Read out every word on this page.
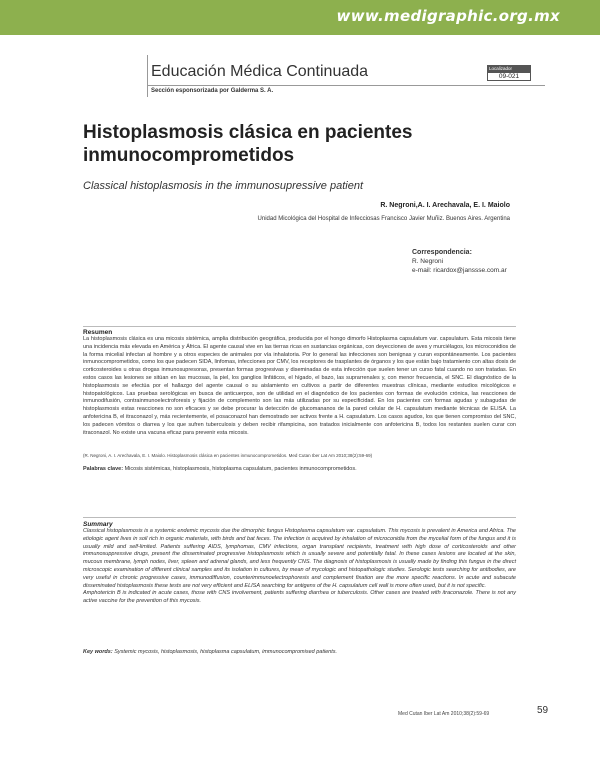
www.medigraphic.org.mx
Educación Médica Continuada
Sección esponsorizada por Galderma S. A.
Localizador
09-021
Histoplasmosis clásica en pacientes inmunocomprometidos
Classical histoplasmosis in the immunosupressive patient
R. Negroni,A. I. Arechavala, E. I. Maiolo
Unidad Micológica del Hospital de Infecciosas Francisco Javier Muñiz. Buenos Aires. Argentina
Correspondencia:
R. Negroni
e-mail: ricardox@janssse.com.ar
Resumen

La histoplasmosis clásica es una micosis sistémica, amplia distribución geográfica, producida por el hongo dimorfo Histoplasma capsulatum var. capsulatum. Esta micosis tiene una incidencia más elevada en América y África. El agente causal vive en las tierras ricas en sustancias orgánicas, con deyecciones de aves y murciélagos, los microconidios de la forma micelial infectan al hombre y a otros especies de animales por vía inhalatoria. Por lo general las infecciones son benignas y curan espontáneamente. Los pacientes inmunocomprometidos, como los que padecen SIDA, linfomas, infecciones por CMV, los receptores de trasplantes de órganos y los que están bajo tratamiento con altas dosis de corticosteroides u otras drogas inmunosupresoras, presentan formas progresivas y diseminadas de esta infección que suelen tener un curso fatal cuando no son tratadas. En estos casos las lesiones se sitúan en las mucosas, la piel, los ganglios linfáticos, el hígado, el bazo, las suprarrenales y, con menor frecuencia, el SNC. El diagnóstico de la histoplasmosis se efectúa por el hallazgo del agente causal o su aislamiento en cultivos a partir de diferentes muestras clínicas, mediante estudios micológicos e histopatológicos. Las pruebas serológicas en busca de anticuerpos, son de utilidad en el diagnóstico de los pacientes con formas de evolución crónica, las reacciones de inmunodifusión, contrainmunoelectroforesis y fijación de complemento son las más utilizadas por su especificidad. En los pacientes con formas agudas y subagudas de histoplasmosis estas reacciones no son eficaces y se debe procurar la detección de glucomananos de la pared celular de H. capsulatum mediante técnicas de ELISA. La anfotericina B, el itraconazol y, más recientemente, el posaconazol han demostrado ser activos frente a H. capsulatum. Los casos agudos, los que tienen compromiso del SNC, los padecen vómitos o diarrea y los que sufren tuberculosis y deben recibir rifampicina, son tratados inicialmente con anfotericina B, todos los restantes suelen curar con itraconazol. No existe una vacuna eficaz para prevenir esta micosis.

(R. Negroni, A. I. Arechavala, E. I. Maiolo. Histoplasmosis clásica en pacientes inmunocomprometidos. Med Cutan Iber Lat Am 2010;38(2):59-69)
Palabras clave: Micosis sistémicas, histoplasmosis, histoplasma capsulatum, pacientes inmunocomprometidos.
Summary

Classical histoplasmosis is a systemic endemic mycosis due the dimorphic fungus Histoplasma capsulatum var. capsulatum. This mycosis is prevalent in America and Africa. The etiologic agent lives in soil rich in organic materials, with birds and bat feces. The infection is acquired by inhalation of microconidia from the mycelial form of the fungus and it is usually mild and self-limited. Patients suffering AIDS, lymphomas, CMV infections, organ transplant recipients, treatment with high dose of corticosteroids and other immunosuppressive drugs, present the disseminated progressive histoplasmosis which is usually severe and potentially fatal. In these cases lesions are located at the skin, mucous membrane, lymph nodes, liver, spleen and adrenal glands, and less frequently CNS. The diagnosis of histoplasmosis is usually made by finding this fungus in the direct microscopic examination of different clinical samples and its isolation in cultures, by mean of mycologic and histopathologic studies. Serologic tests searching for antibodies, are very useful in chronic progressive cases, immunodiffusion, counterimmunoelectrophoresis and complement fixation are the more specific reactions. In acute and subacute disseminated histoplasmosis these tests are not very efficient and ELISA searching for antigens of the H. capsulatum cell wall is more often used, but it is not specific.

Amphotericin B is indicated in acute cases, those with CNS involvement, patients suffering diarrhea or tuberculosis. Other cases are treated with itraconazole. There is not any active vaccine for the prevention of this mycosis.

Key words: Systemic mycosis, histoplasmosis, histoplasma capsulatum, immunocompromised patients.
Med Cutan Iber Lat Am 2010;38(2):59-69	59
